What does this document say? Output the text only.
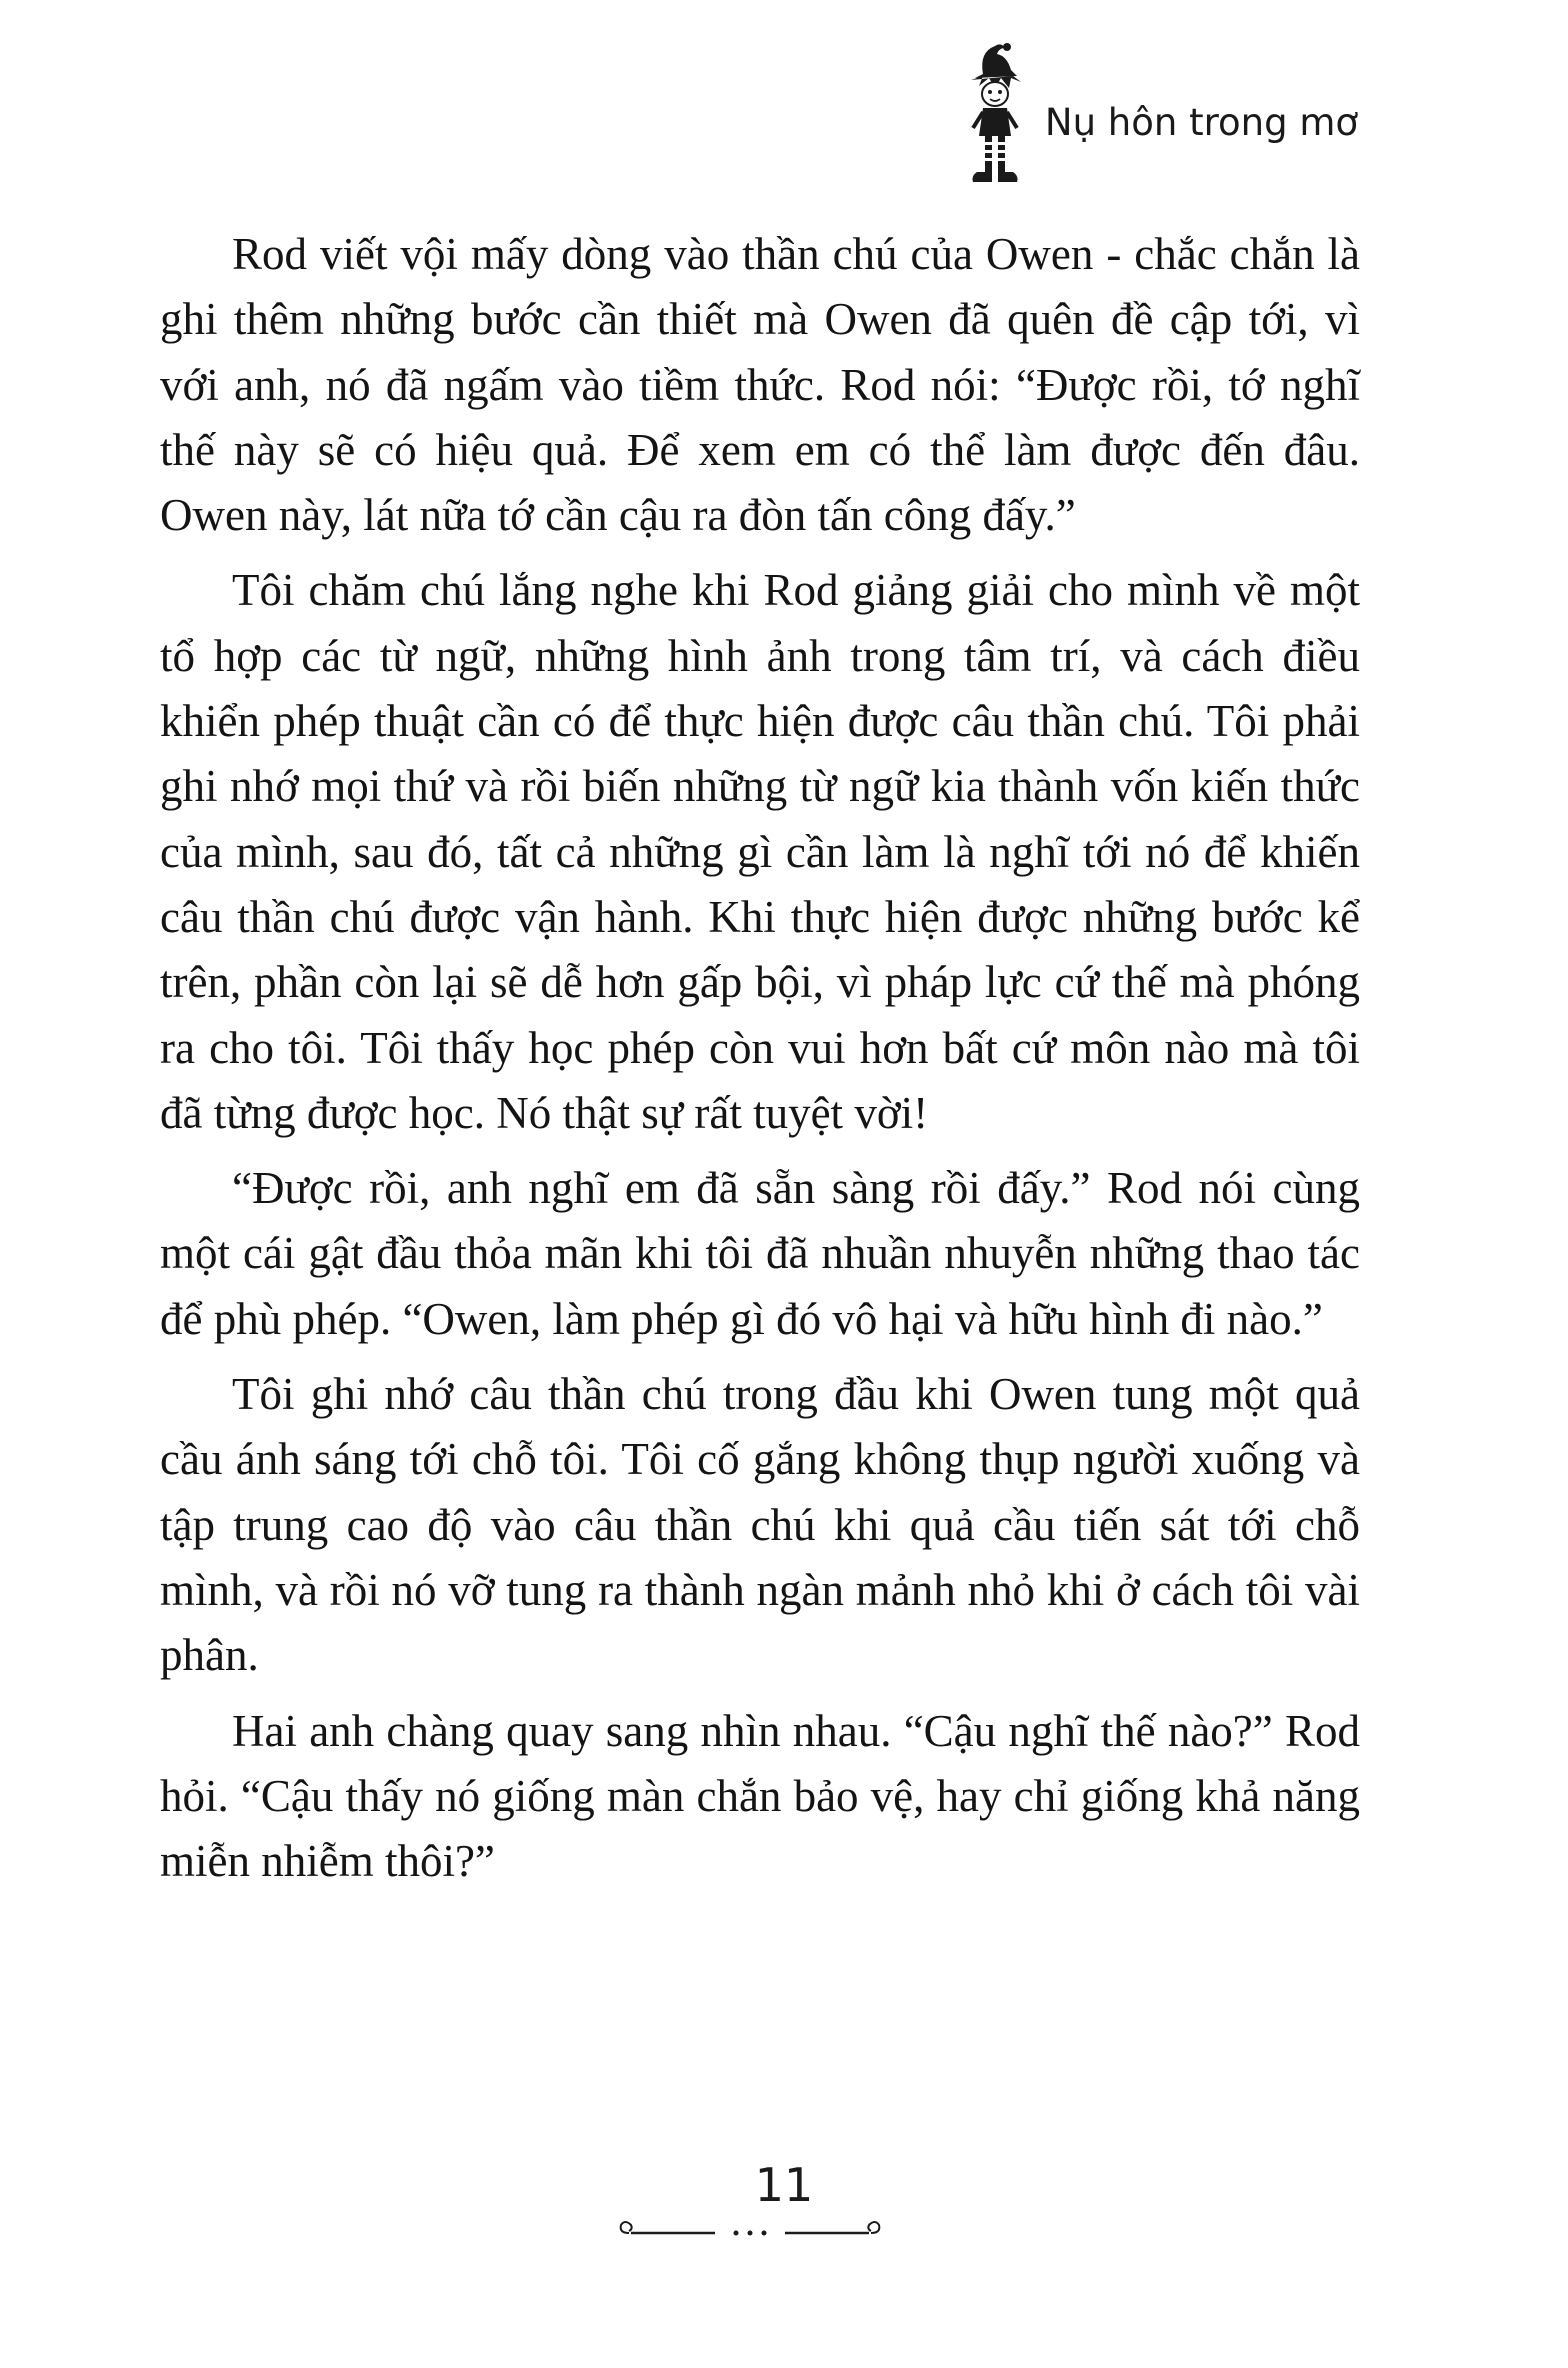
Nụ hôn trong mơ

Rod viết vội mấy dòng vào thần chú của Owen - chắc chắn là ghi thêm những bước cần thiết mà Owen đã quên đề cập tới, vì với anh, nó đã ngấm vào tiềm thức. Rod nói: “Được rồi, tớ nghĩ thế này sẽ có hiệu quả. Để xem em có thể làm được đến đâu. Owen này, lát nữa tớ cần cậu ra đòn tấn công đấy.”

Tôi chăm chú lắng nghe khi Rod giảng giải cho mình về một tổ hợp các từ ngữ, những hình ảnh trong tâm trí, và cách điều khiển phép thuật cần có để thực hiện được câu thần chú. Tôi phải ghi nhớ mọi thứ và rồi biến những từ ngữ kia thành vốn kiến thức của mình, sau đó, tất cả những gì cần làm là nghĩ tới nó để khiến câu thần chú được vận hành. Khi thực hiện được những bước kể trên, phần còn lại sẽ dễ hơn gấp bội, vì pháp lực cứ thế mà phóng ra cho tôi. Tôi thấy học phép còn vui hơn bất cứ môn nào mà tôi đã từng được học. Nó thật sự rất tuyệt vời!

“Được rồi, anh nghĩ em đã sẵn sàng rồi đấy.” Rod nói cùng một cái gật đầu thỏa mãn khi tôi đã nhuần nhuyễn những thao tác để phù phép. “Owen, làm phép gì đó vô hại và hữu hình đi nào.”

Tôi ghi nhớ câu thần chú trong đầu khi Owen tung một quả cầu ánh sáng tới chỗ tôi. Tôi cố gắng không thụp người xuống và tập trung cao độ vào câu thần chú khi quả cầu tiến sát tới chỗ mình, và rồi nó vỡ tung ra thành ngàn mảnh nhỏ khi ở cách tôi vài phân.

Hai anh chàng quay sang nhìn nhau. “Cậu nghĩ thế nào?” Rod hỏi. “Cậu thấy nó giống màn chắn bảo vệ, hay chỉ giống khả năng miễn nhiễm thôi?”

11
